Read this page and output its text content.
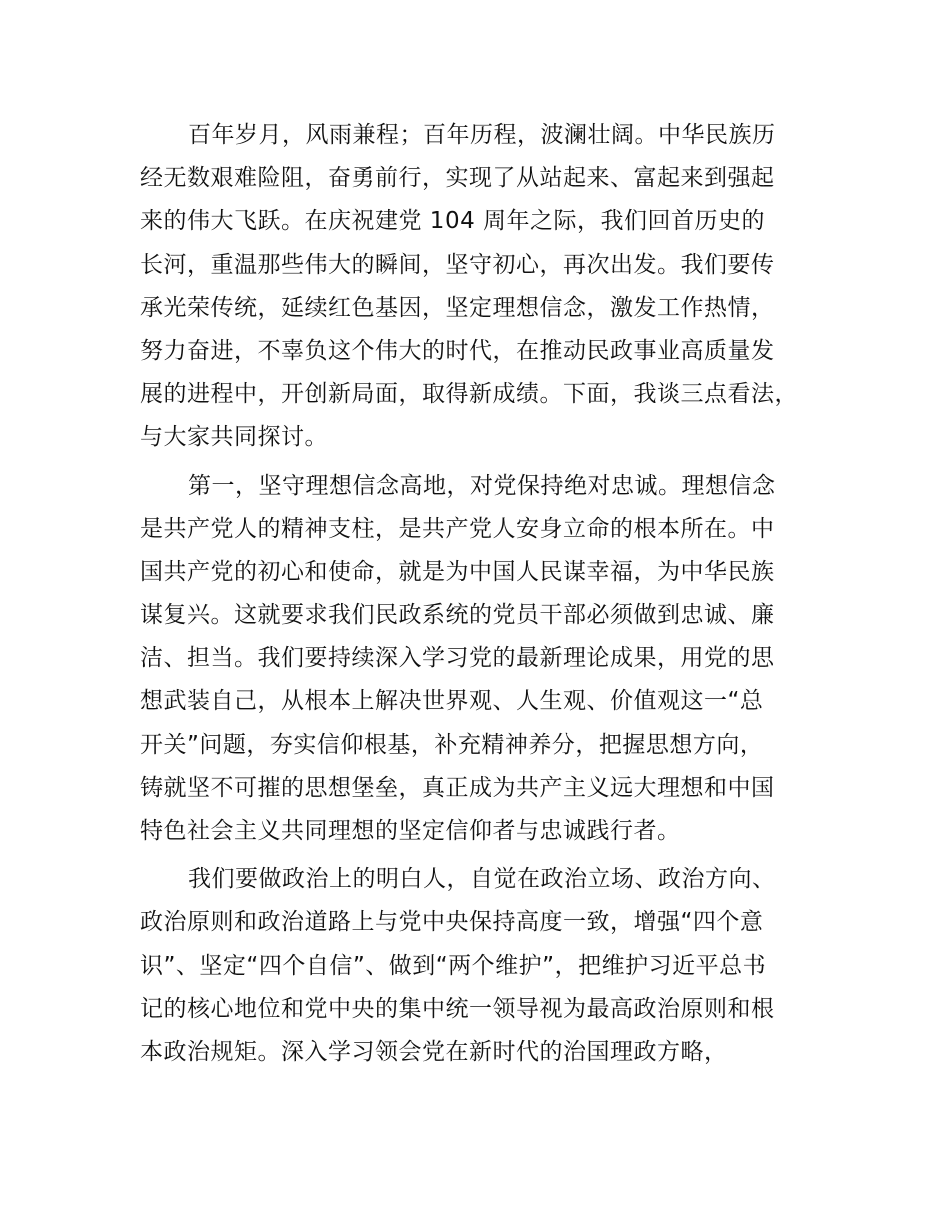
百年岁月，风雨兼程；百年历程，波澜壮阔。中华民族历
经无数艰难险阻，奋勇前行，实现了从站起来、富起来到强起
来的伟大飞跃。在庆祝建党 104 周年之际，我们回首历史的
长河，重温那些伟大的瞬间，坚守初心，再次出发。我们要传
承光荣传统，延续红色基因，坚定理想信念，激发工作热情，
努力奋进，不辜负这个伟大的时代，在推动民政事业高质量发
展的进程中，开创新局面，取得新成绩。下面，我谈三点看法，
与大家共同探讨。

第一，坚守理想信念高地，对党保持绝对忠诚。理想信念
是共产党人的精神支柱，是共产党人安身立命的根本所在。中
国共产党的初心和使命，就是为中国人民谋幸福，为中华民族
谋复兴。这就要求我们民政系统的党员干部必须做到忠诚、廉
洁、担当。我们要持续深入学习党的最新理论成果，用党的思
想武装自己，从根本上解决世界观、人生观、价值观这一“总
开关”问题，夯实信仰根基，补充精神养分，把握思想方向，
铸就坚不可摧的思想堡垒，真正成为共产主义远大理想和中国
特色社会主义共同理想的坚定信仰者与忠诚践行者。

我们要做政治上的明白人，自觉在政治立场、政治方向、
政治原则和政治道路上与党中央保持高度一致，增强“四个意
识”、坚定“四个自信”、做到“两个维护”，把维护习近平总书
记的核心地位和党中央的集中统一领导视为最高政治原则和根
本政治规矩。深入学习领会党在新时代的治国理政方略，
